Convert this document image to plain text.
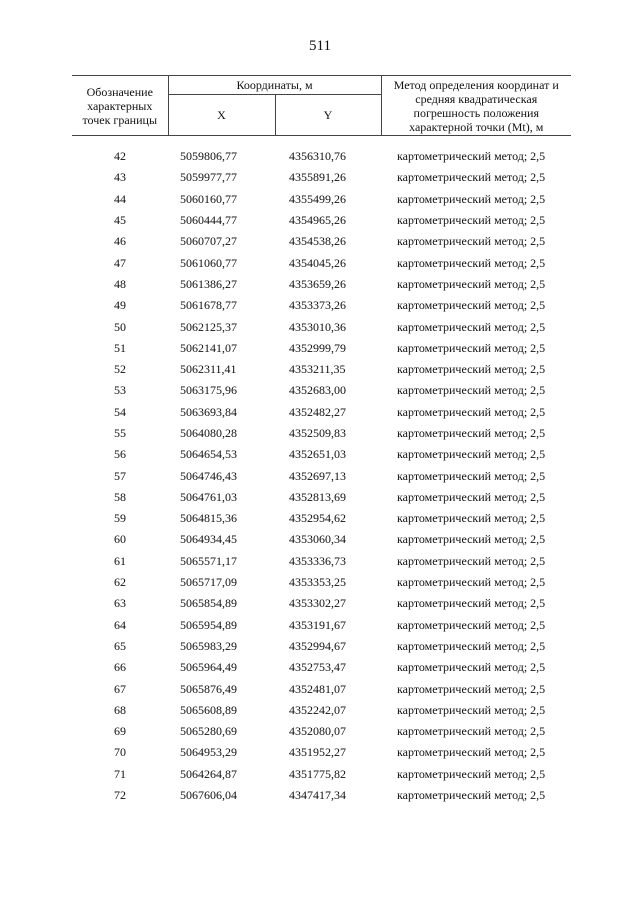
511
Обозначение характерных точек границы	Координаты, м		Метод определения координат и средняя квадратическая погрешность положения характерной точки (Mt), м
	X	Y	

42	5059806,77	4356310,76	картометрический метод; 2,5
43	5059977,77	4355891,26	картометрический метод; 2,5
44	5060160,77	4355499,26	картометрический метод; 2,5
45	5060444,77	4354965,26	картометрический метод; 2,5
46	5060707,27	4354538,26	картометрический метод; 2,5
47	5061060,77	4354045,26	картометрический метод; 2,5
48	5061386,27	4353659,26	картометрический метод; 2,5
49	5061678,77	4353373,26	картометрический метод; 2,5
50	5062125,37	4353010,36	картометрический метод; 2,5
51	5062141,07	4352999,79	картометрический метод; 2,5
52	5062311,41	4353211,35	картометрический метод; 2,5
53	5063175,96	4352683,00	картометрический метод; 2,5
54	5063693,84	4352482,27	картометрический метод; 2,5
55	5064080,28	4352509,83	картометрический метод; 2,5
56	5064654,53	4352651,03	картометрический метод; 2,5
57	5064746,43	4352697,13	картометрический метод; 2,5
58	5064761,03	4352813,69	картометрический метод; 2,5
59	5064815,36	4352954,62	картометрический метод; 2,5
60	5064934,45	4353060,34	картометрический метод; 2,5
61	5065571,17	4353336,73	картометрический метод; 2,5
62	5065717,09	4353353,25	картометрический метод; 2,5
63	5065854,89	4353302,27	картометрический метод; 2,5
64	5065954,89	4353191,67	картометрический метод; 2,5
65	5065983,29	4352994,67	картометрический метод; 2,5
66	5065964,49	4352753,47	картометрический метод; 2,5
67	5065876,49	4352481,07	картометрический метод; 2,5
68	5065608,89	4352242,07	картометрический метод; 2,5
69	5065280,69	4352080,07	картометрический метод; 2,5
70	5064953,29	4351952,27	картометрический метод; 2,5
71	5064264,87	4351775,82	картометрический метод; 2,5
72	5067606,04	4347417,34	картометрический метод; 2,5
